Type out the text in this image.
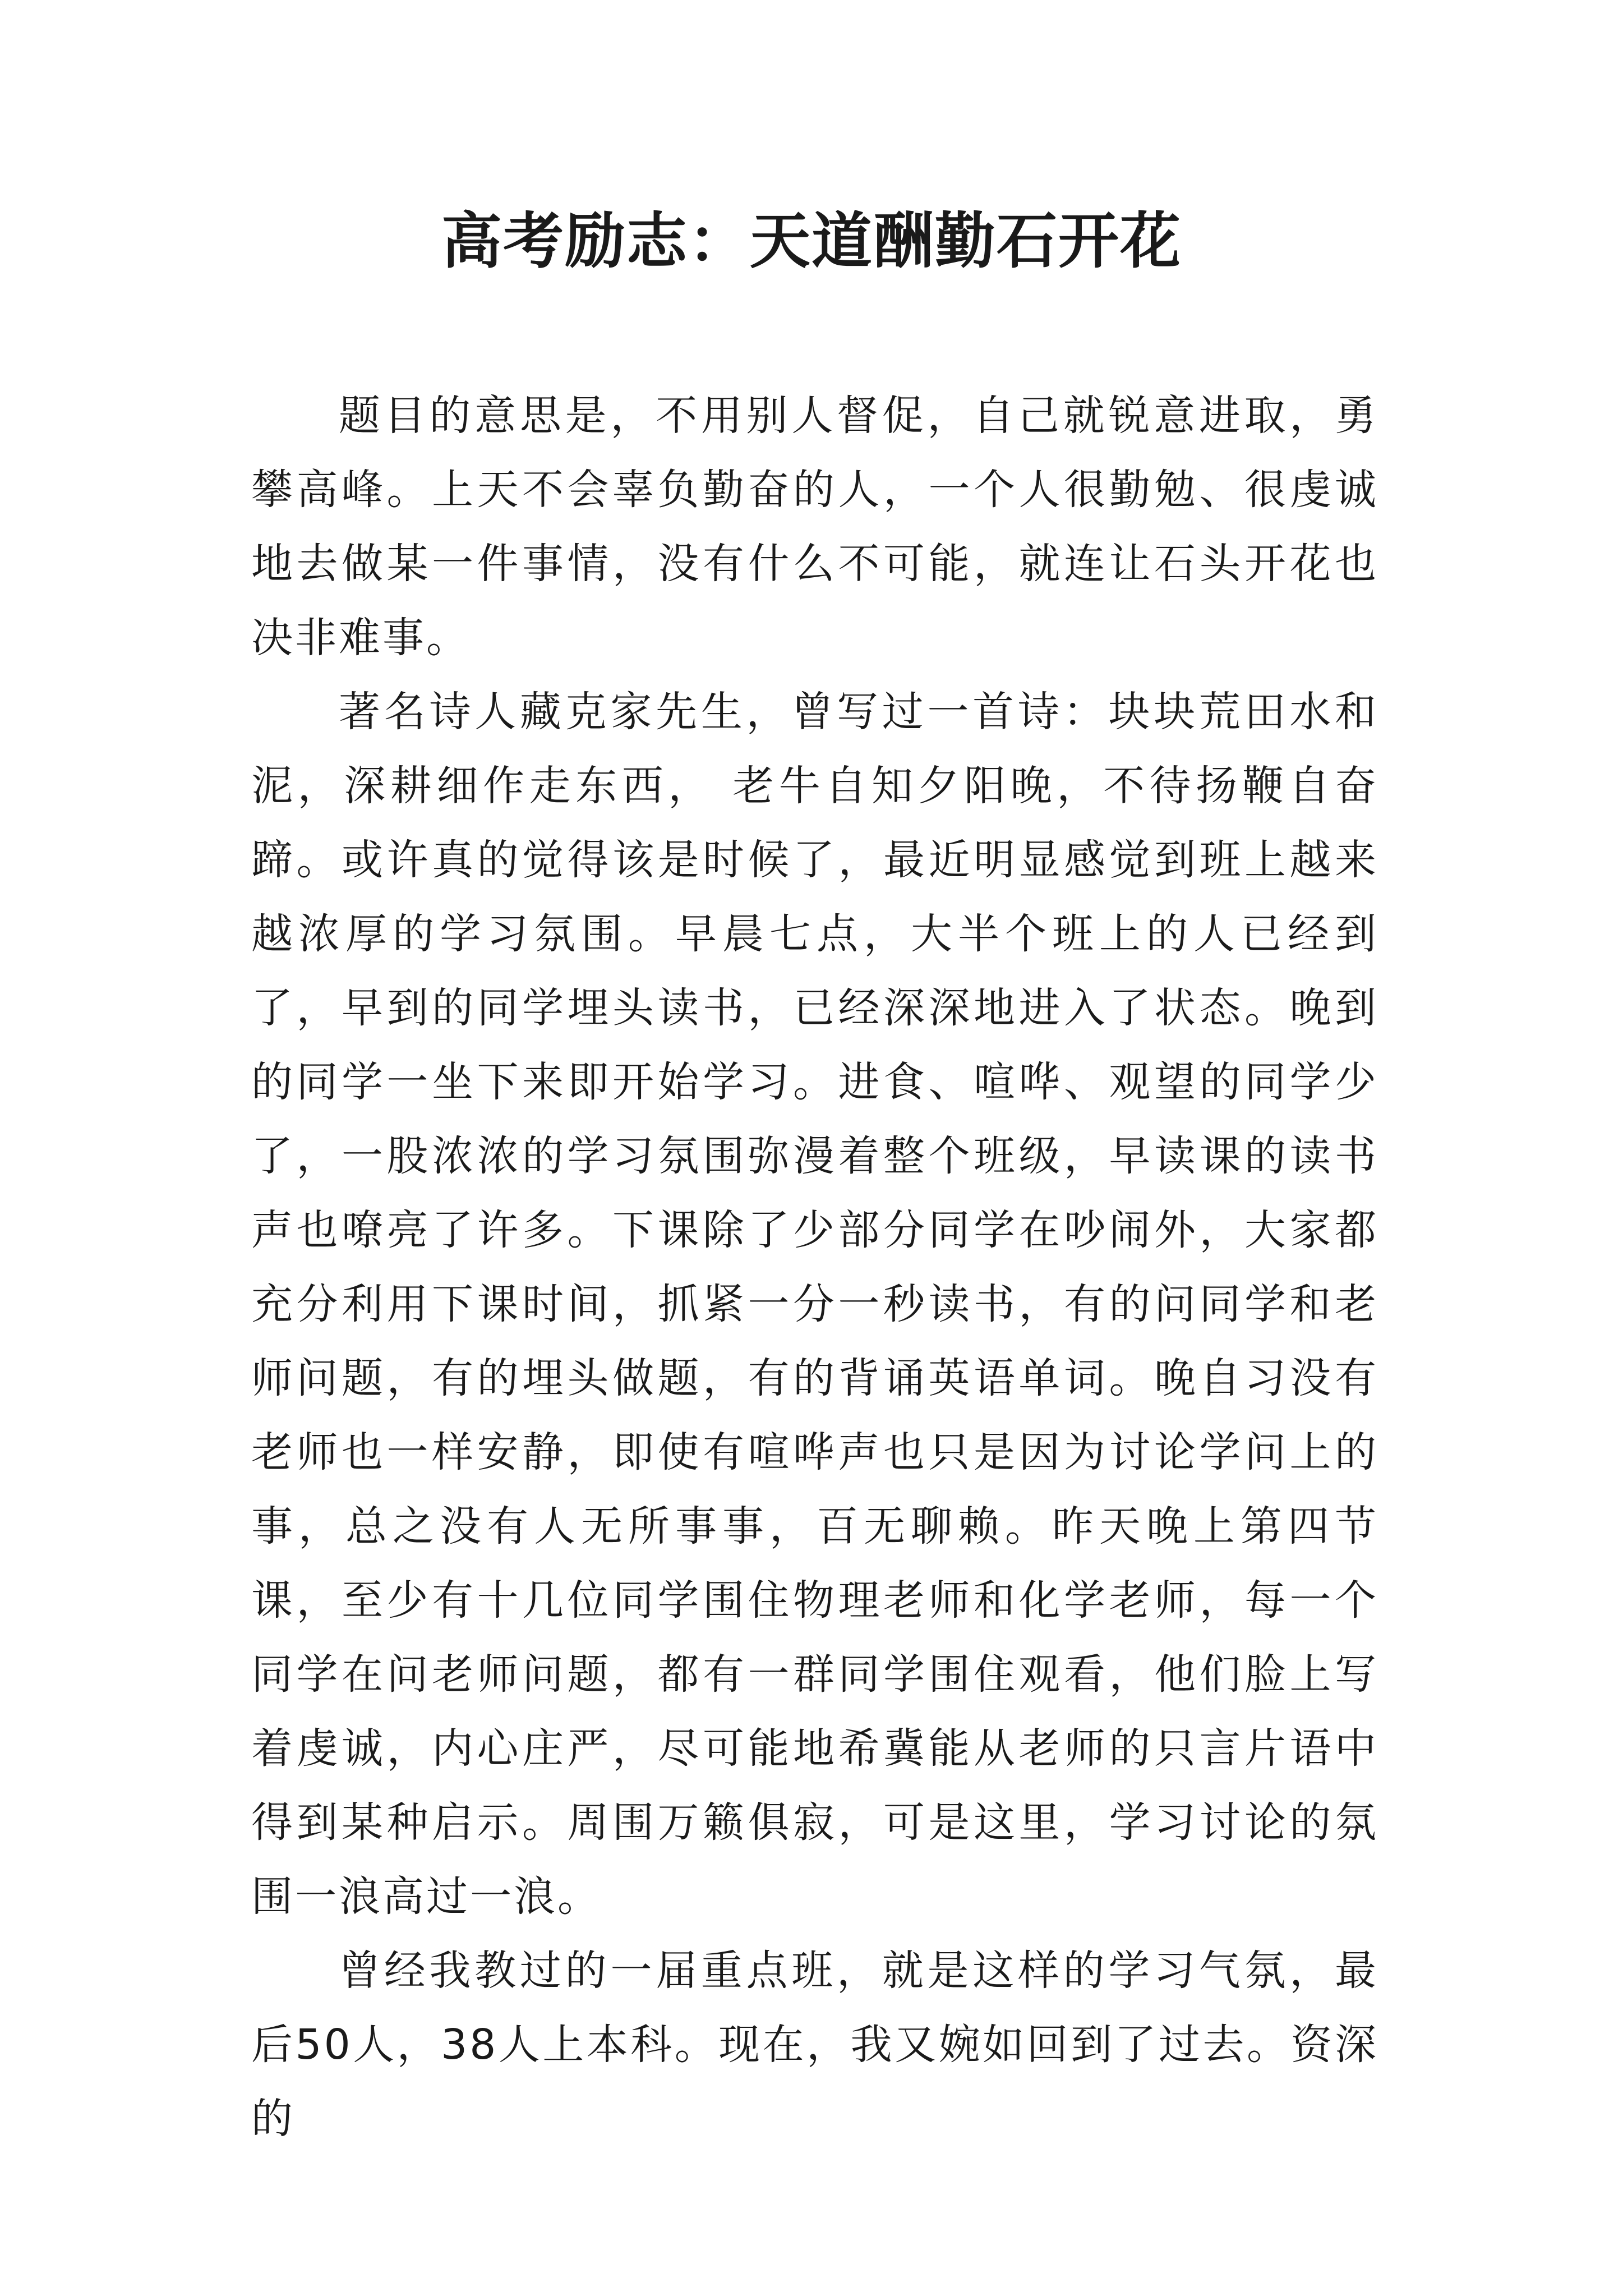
高考励志：天道酬勤石开花

题目的意思是，不用别人督促，自己就锐意进取，勇攀高峰。上天不会辜负勤奋的人，一个人很勤勉、很虔诚地去做某一件事情，没有什么不可能，就连让石头开花也决非难事。

著名诗人藏克家先生，曾写过一首诗：块块荒田水和泥，深耕细作走东西， 老牛自知夕阳晚，不待扬鞭自奋蹄。或许真的觉得该是时候了，最近明显感觉到班上越来越浓厚的学习氛围。早晨七点，大半个班上的人已经到了，早到的同学埋头读书，已经深深地进入了状态。晚到的同学一坐下来即开始学习。进食、喧哗、观望的同学少了，一股浓浓的学习氛围弥漫着整个班级，早读课的读书声也嘹亮了许多。下课除了少部分同学在吵闹外，大家都充分利用下课时间，抓紧一分一秒读书，有的问同学和老师问题，有的埋头做题，有的背诵英语单词。晚自习没有老师也一样安静，即使有喧哗声也只是因为讨论学问上的事，总之没有人无所事事，百无聊赖。昨天晚上第四节课，至少有十几位同学围住物理老师和化学老师，每一个同学在问老师问题，都有一群同学围住观看，他们脸上写着虔诚，内心庄严，尽可能地希冀能从老师的只言片语中得到某种启示。周围万籁俱寂，可是这里，学习讨论的氛围一浪高过一浪。

曾经我教过的一届重点班，就是这样的学习气氛，最后50人，38人上本科。现在，我又婉如回到了过去。资深的
